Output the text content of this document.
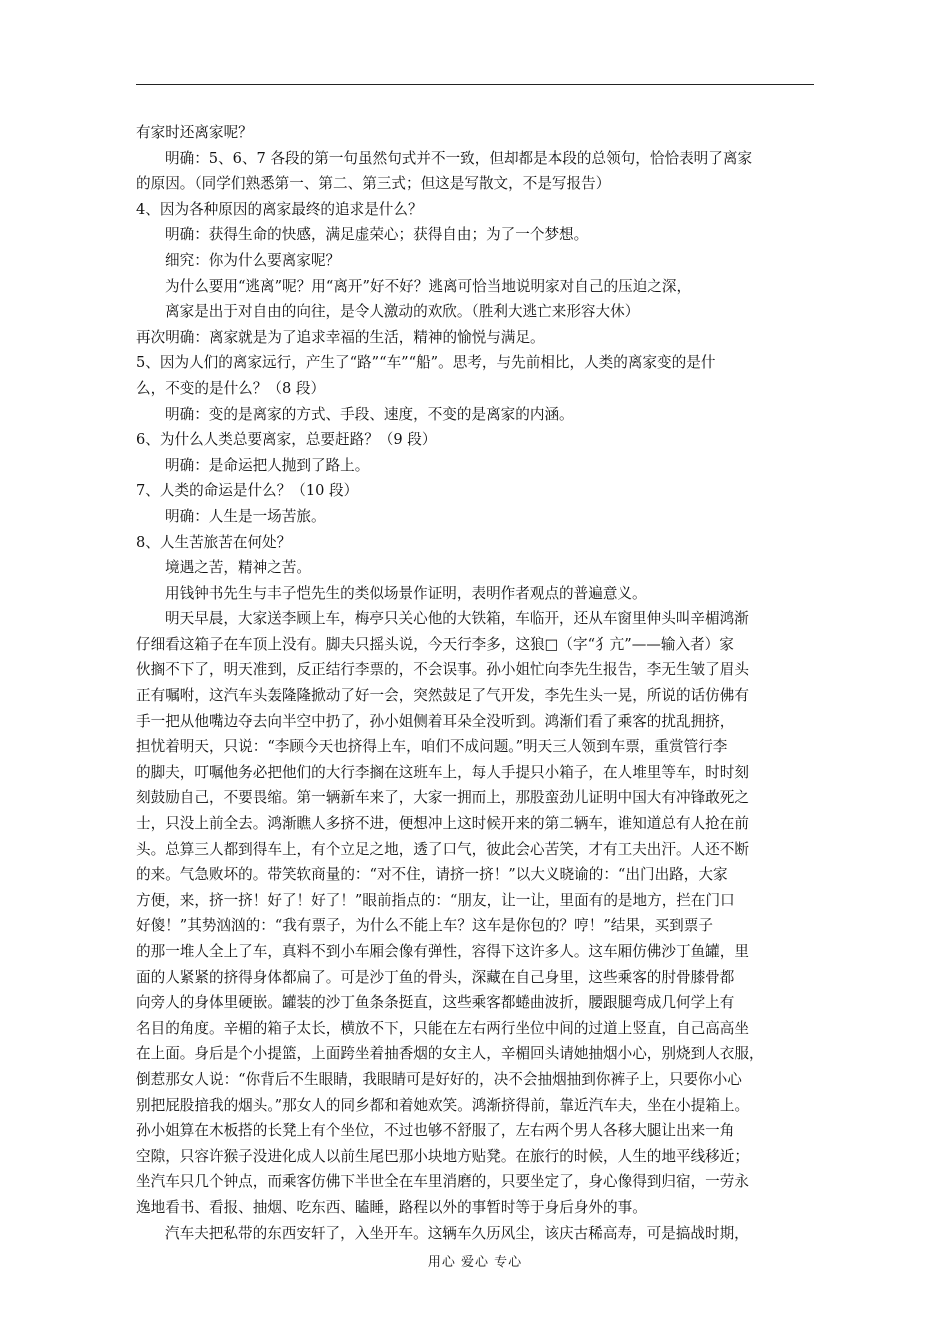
有家时还离家呢？
明确：5、6、7 各段的第一句虽然句式并不一致，但却都是本段的总领句，恰恰表明了离家
的原因。（同学们熟悉第一、第二、第三式；但这是写散文，不是写报告）
4、因为各种原因的离家最终的追求是什么？
明确：获得生命的快感，满足虚荣心；获得自由；为了一个梦想。
细究：你为什么要离家呢？
为什么要用“逃离”呢？用“离开”好不好？逃离可恰当地说明家对自己的压迫之深，
离家是出于对自由的向往，是令人激动的欢欣。（胜利大逃亡来形容大休）
再次明确：离家就是为了追求幸福的生活，精神的愉悦与满足。
5、因为人们的离家远行，产生了“路”“车”“船”。思考，与先前相比，人类的离家变的是什
么，不变的是什么？（8 段）
明确：变的是离家的方式、手段、速度，不变的是离家的内涵。
6、为什么人类总要离家，总要赶路？（9 段）
明确：是命运把人抛到了路上。
7、人类的命运是什么？（10 段）
明确：人生是一场苦旅。
8、人生苦旅苦在何处？
境遇之苦，精神之苦。
用钱钟书先生与丰子恺先生的类似场景作证明，表明作者观点的普遍意义。
明天早晨，大家送李顾上车，梅亭只关心他的大铁箱，车临开，还从车窗里伸头叫辛楣鸿渐
仔细看这箱子在车顶上没有。脚夫只摇头说，今天行李多，这狼□（字“犭亢”——输入者）家
伙搁不下了，明天准到，反正结行李票的，不会误事。孙小姐忙向李先生报告，李无生皱了眉头
正有嘱咐，这汽车头轰隆隆掀动了好一会，突然鼓足了气开发，李先生头一晃，所说的话仿佛有
手一把从他嘴边夺去向半空中扔了，孙小姐侧着耳朵全没听到。鸿渐们看了乘客的扰乱拥挤，
担忧着明天，只说：“李顾今天也挤得上车，咱们不成问题。”明天三人领到车票，重赏管行李
的脚夫，叮嘱他务必把他们的大行李搁在这班车上，每人手提只小箱子，在人堆里等车，时时刻
刻鼓励自己，不要畏缩。第一辆新车来了，大家一拥而上，那股蛮劲儿证明中国大有冲锋敢死之
士，只没上前全去。鸿渐瞧人多挤不进，便想冲上这时候开来的第二辆车，谁知道总有人抢在前
头。总算三人都到得车上，有个立足之地，透了口气，彼此会心苦笑，才有工夫出汗。人还不断
的来。气急败坏的。带笑软商量的：“对不住，请挤一挤！”以大义晓谕的：“出门出路，大家
方便，来，挤一挤！好了！好了！”眼前指点的：“朋友，让一让，里面有的是地方，拦在门口
好傻！”其势汹汹的：“我有票子，为什么不能上车？这车是你包的？哼！”结果，买到票子
的那一堆人全上了车，真料不到小车厢会像有弹性，容得下这许多人。这车厢仿佛沙丁鱼罐，里
面的人紧紧的挤得身体都扁了。可是沙丁鱼的骨头，深藏在自己身里，这些乘客的肘骨膝骨都
向旁人的身体里硬嵌。罐装的沙丁鱼条条挺直，这些乘客都蜷曲波折，腰跟腿弯成几何学上有
名目的角度。辛楣的箱子太长，横放不下，只能在左右两行坐位中间的过道上竖直，自己高高坐
在上面。身后是个小提篮，上面跨坐着抽香烟的女主人，辛楣回头请她抽烟小心，别烧到人衣服，
倒惹那女人说：“你背后不生眼睛，我眼睛可是好好的，决不会抽烟抽到你裤子上，只要你小心
别把屁股揞我的烟头。”那女人的同乡都和着她欢笑。鸿渐挤得前，靠近汽车夫，坐在小提箱上。
孙小姐算在木板搭的长凳上有个坐位，不过也够不舒服了，左右两个男人各移大腿让出来一角
空隙，只容许猴子没进化成人以前生尾巴那小块地方贴凳。在旅行的时候，人生的地平线移近；
坐汽车只几个钟点，而乘客仿佛下半世全在车里消磨的，只要坐定了，身心像得到归宿，一劳永
逸地看书、看报、抽烟、吃东西、瞌睡，路程以外的事暂时等于身后身外的事。
汽车夫把私带的东西安轩了，入坐开车。这辆车久历风尘，该庆古稀高寿，可是搞战时期，
用心 爱心 专心
